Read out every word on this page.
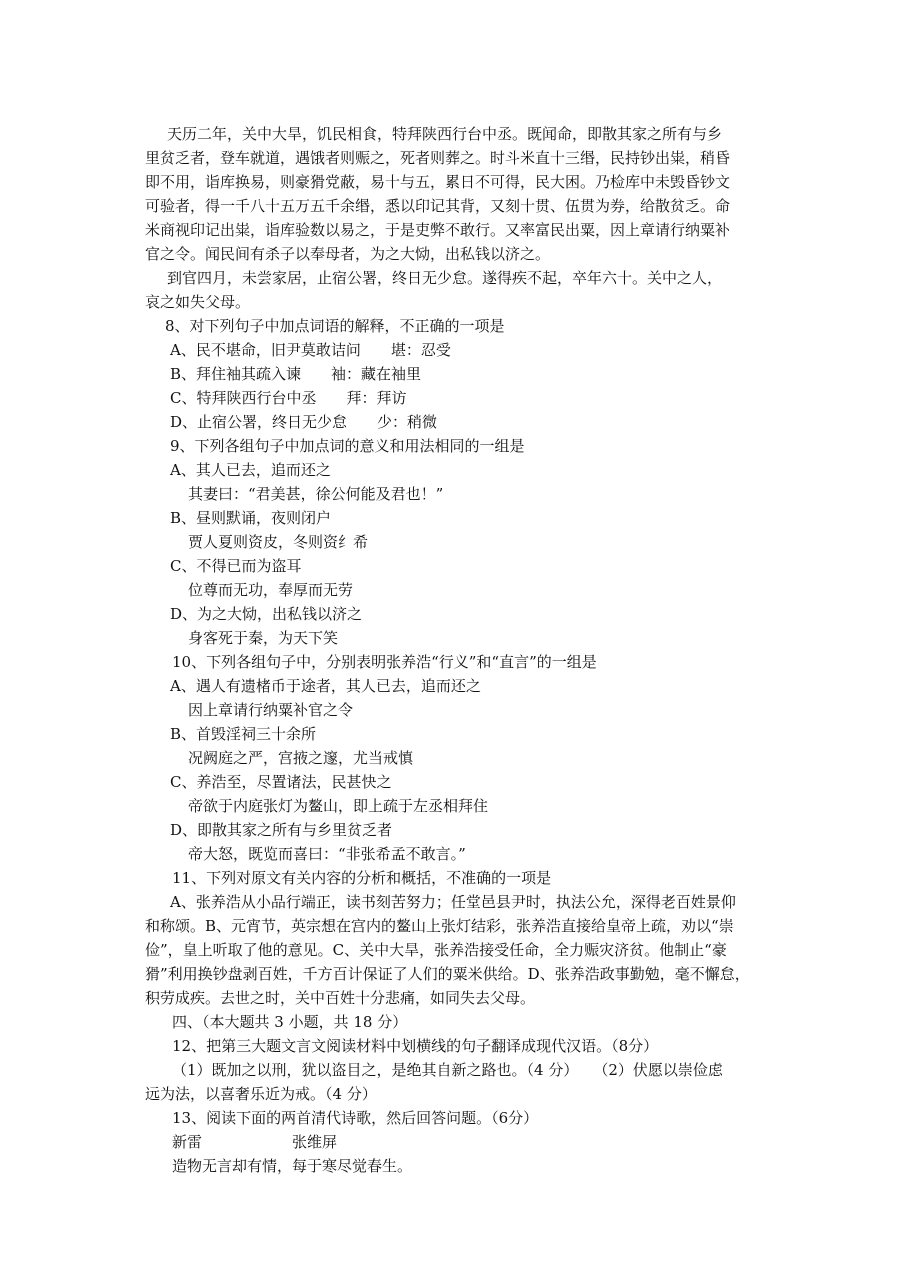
天历二年，关中大旱，饥民相食，特拜陕西行台中丞。既闻命，即散其家之所有与乡
里贫乏者，登车就道，遇饿者则赈之，死者则葬之。时斗米直十三缗，民持钞出粜，稍昏
即不用，诣库换易，则豪猾党蔽，易十与五，累日不可得，民大困。乃检库中未毁昏钞文
可验者，得一千八十五万五千余缗，悉以印记其背，又刻十贯、伍贯为券，给散贫乏。命
米商视印记出粜，诣库验数以易之，于是吏弊不敢行。又率富民出粟，因上章请行纳粟补
官之令。闻民间有杀子以奉母者，为之大恸，出私钱以济之。
到官四月，未尝家居，止宿公署，终日无少怠。遂得疾不起，卒年六十。关中之人，
哀之如失父母。
8、对下列句子中加点词语的解释，不正确的一项是
A、民不堪命，旧尹莫敢诘问　　堪：忍受
B、拜住袖其疏入谏　　袖：藏在袖里
C、特拜陕西行台中丞　　拜：拜访
D、止宿公署，终日无少怠　　少：稍微
9、下列各组句子中加点词的意义和用法相同的一组是
A、其人已去，追而还之
其妻曰：“君美甚，徐公何能及君也！”
B、昼则默诵，夜则闭户
贾人夏则资皮，冬则资纟希
C、不得已而为盗耳
位尊而无功，奉厚而无劳
D、为之大恸，出私钱以济之
身客死于秦，为天下笑
10、下列各组句子中，分别表明张养浩“行义”和“直言”的一组是
A、遇人有遗楮币于途者，其人已去，追而还之
因上章请行纳粟补官之令
B、首毁淫祠三十余所
况阙庭之严，宫掖之邃，尤当戒慎
C、养浩至，尽置诸法，民甚快之
帝欲于内庭张灯为鳌山，即上疏于左丞相拜住
D、即散其家之所有与乡里贫乏者
帝大怒，既览而喜曰：“非张希孟不敢言。”
11、下列对原文有关内容的分析和概括，不准确的一项是
A、张养浩从小品行端正，读书刻苦努力；任堂邑县尹时，执法公允，深得老百姓景仰
和称颂。B、元宵节，英宗想在宫内的鳌山上张灯结彩，张养浩直接给皇帝上疏，劝以“崇
俭”，皇上听取了他的意见。C、关中大旱，张养浩接受任命，全力赈灾济贫。他制止“豪
猾”利用换钞盘剥百姓，千方百计保证了人们的粟米供给。D、张养浩政事勤勉，毫不懈怠，
积劳成疾。去世之时，关中百姓十分悲痛，如同失去父母。
四、（本大题共 3 小题，共 18 分）
12、把第三大题文言文阅读材料中划横线的句子翻译成现代汉语。（8分）
（1）既加之以刑，犹以盗目之，是绝其自新之路也。（4 分）　　（2）伏愿以崇俭虑
远为法，以喜奢乐近为戒。（4 分）
13、阅读下面的两首清代诗歌，然后回答问题。（6分）
新雷　　　　　　张维屏
造物无言却有情，每于寒尽觉春生。
